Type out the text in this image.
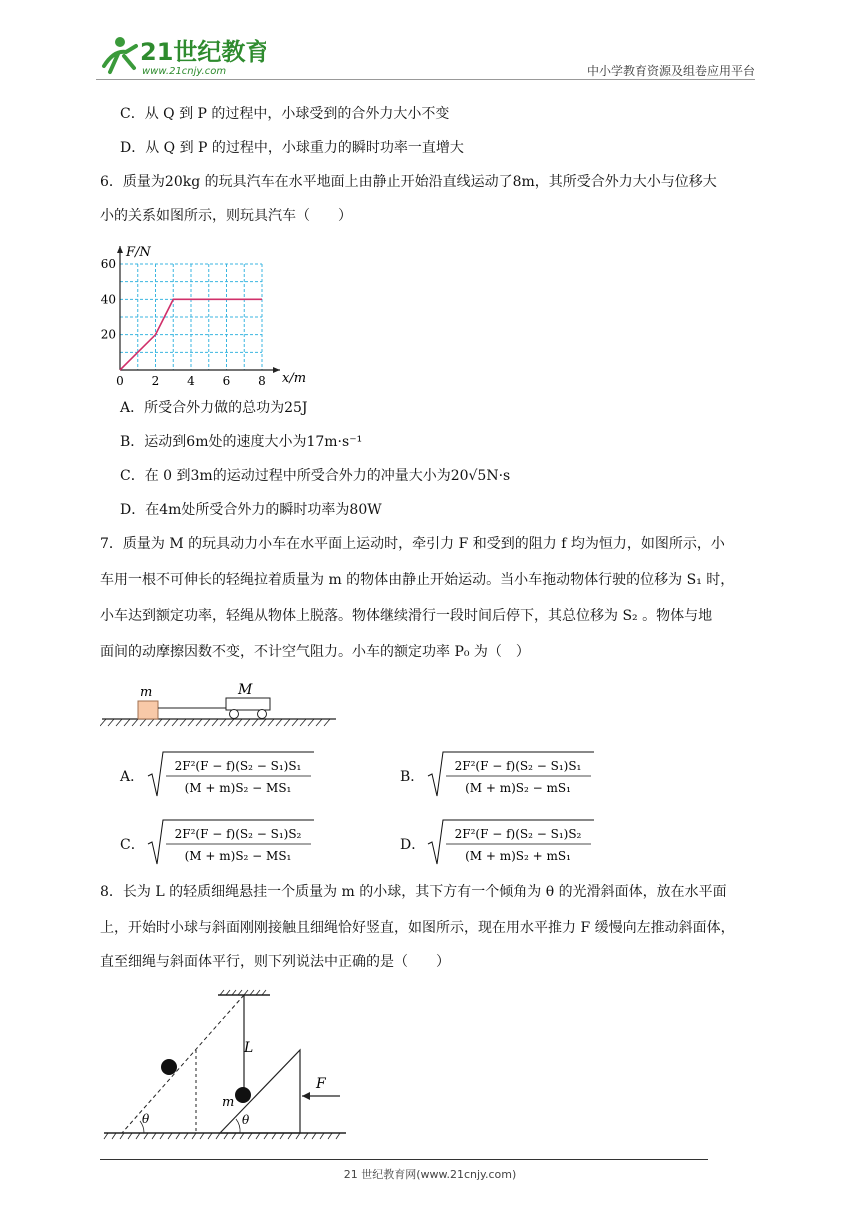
21世纪教育
www.21cnjy.com	中小学教育资源及组卷应用平台
C．从 Q 到 P 的过程中，小球受到的合外力大小不变
D．从 Q 到 P 的过程中，小球重力的瞬时功率一直增大
6．质量为20kg 的玩具汽车在水平地面上由静止开始沿直线运动了8m，其所受合外力大小与位移大
小的关系如图所示，则玩具汽车（　　）
0 2 4 6 8
20
40
60
x/m
F/N
A．所受合外力做的总功为25J
B．运动到6m处的速度大小为17m·s⁻¹
C．在 0 到3m的运动过程中所受合外力的冲量大小为20√5N·s
D．在4m处所受合外力的瞬时功率为80W
7．质量为 M 的玩具动力小车在水平面上运动时，牵引力 F 和受到的阻力 f 均为恒力，如图所示，小
车用一根不可伸长的轻绳拉着质量为 m 的物体由静止开始运动。当小车拖动物体行驶的位移为 S₁ 时，
小车达到额定功率，轻绳从物体上脱落。物体继续滑行一段时间后停下，其总位移为 S₂ 。物体与地
面间的动摩擦因数不变，不计空气阻力。小车的额定功率 P₀ 为（　）
m	M
A．
2F²(F − f)(S₂ − S₁)S₁
(M + m)S₂ − MS₁
B．
2F²(F − f)(S₂ − S₁)S₁
(M + m)S₂ − mS₁
C．
2F²(F − f)(S₂ − S₁)S₂
(M + m)S₂ − MS₁
D．
2F²(F − f)(S₂ − S₁)S₂
(M + m)S₂ + mS₁
8．长为 L 的轻质细绳悬挂一个质量为 m 的小球，其下方有一个倾角为 θ 的光滑斜面体，放在水平面
上，开始时小球与斜面刚刚接触且细绳恰好竖直，如图所示，现在用水平推力 F 缓慢向左推动斜面体，
直至细绳与斜面体平行，则下列说法中正确的是（　　）
L
θ
m
θ
F
21 世纪教育网(www.21cnjy.com)
